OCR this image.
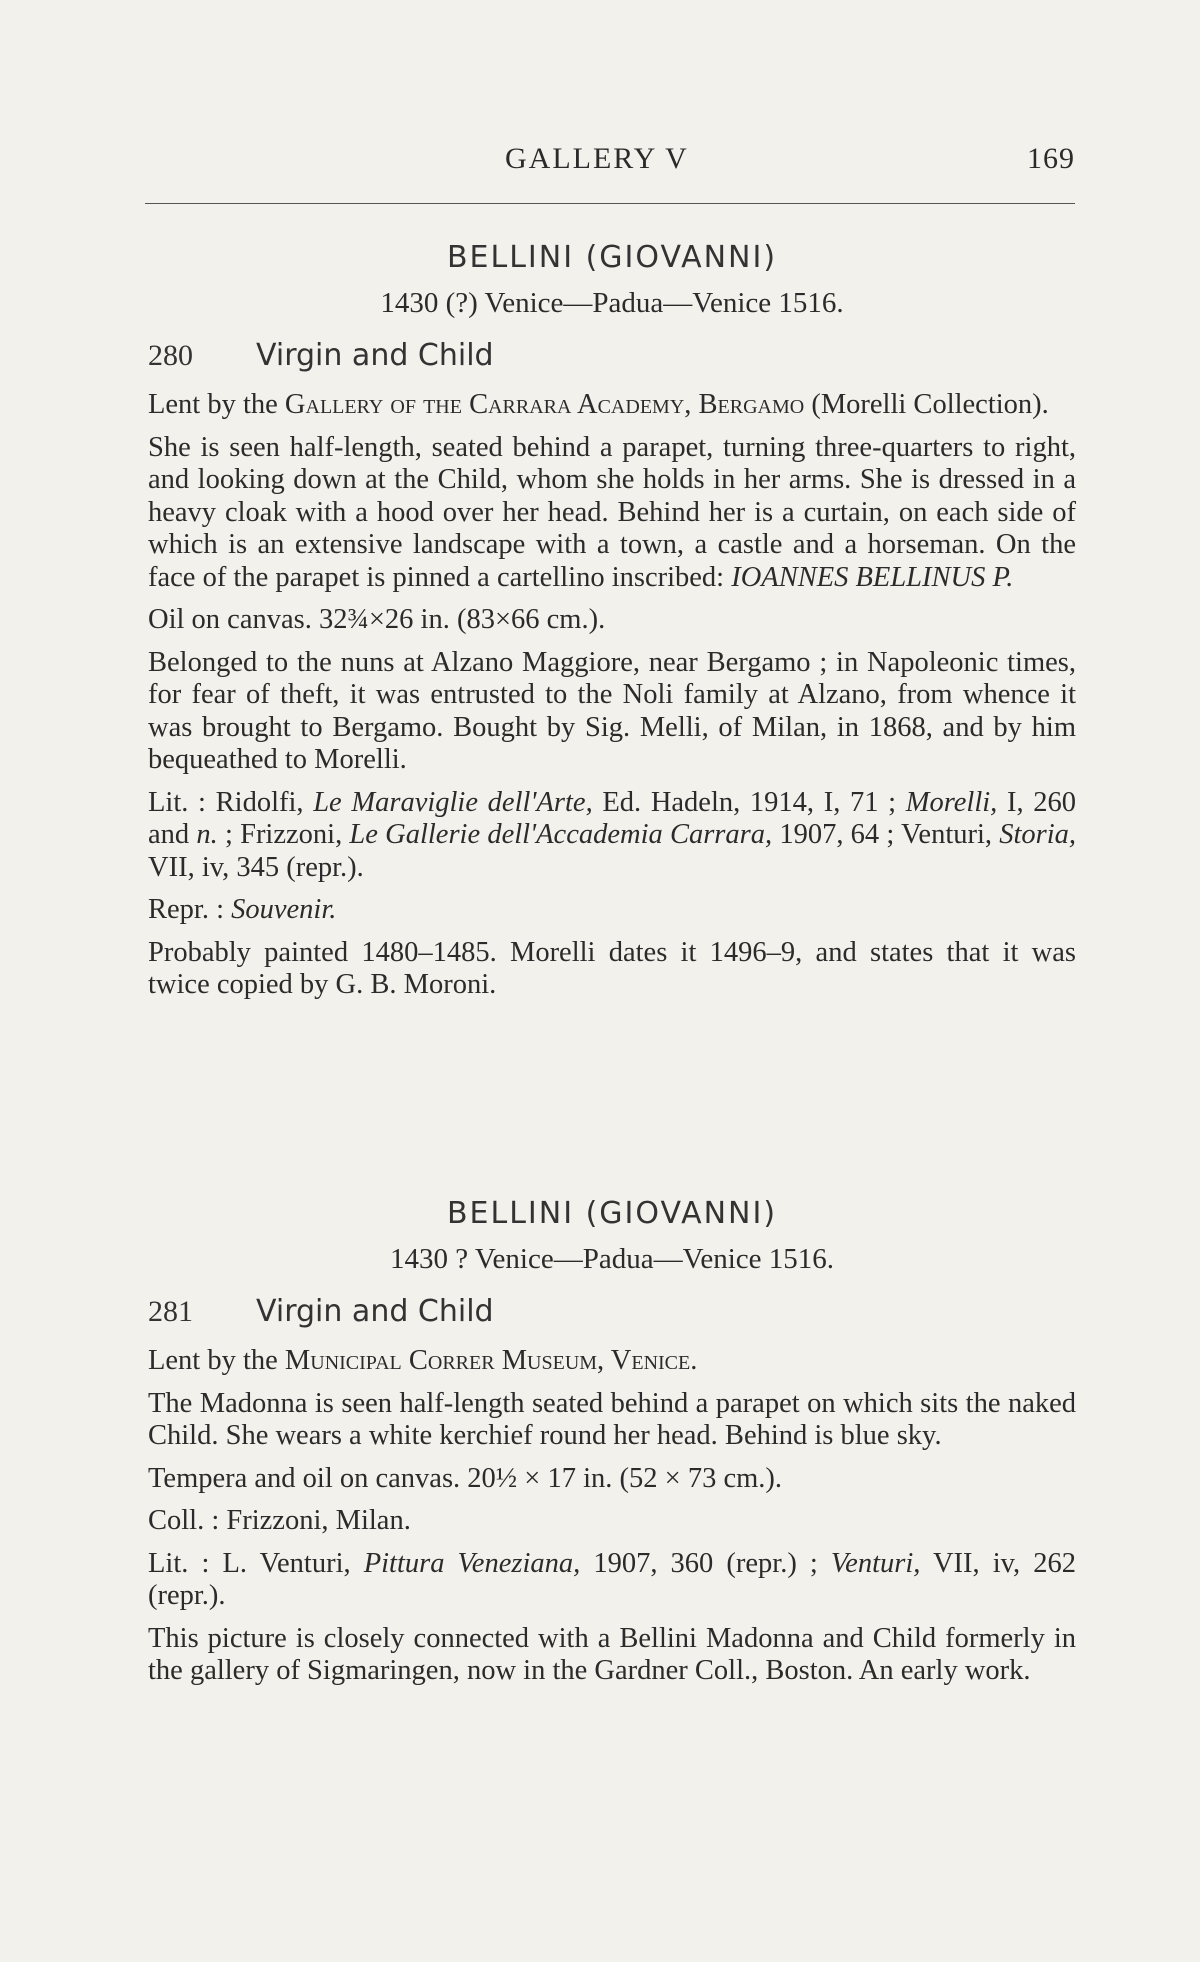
GALLERY V	169
BELLINI (GIOVANNI)
1430 (?) Venice—Padua—Venice 1516.
280 Virgin and Child

Lent by the Gallery of the Carrara Academy, Bergamo (Morelli Collection).

She is seen half-length, seated behind a parapet, turning three-quarters to right, and looking down at the Child, whom she holds in her arms. She is dressed in a heavy cloak with a hood over her head. Behind her is a curtain, on each side of which is an extensive landscape with a town, a castle and a horseman. On the face of the parapet is pinned a cartellino inscribed: IOANNES BELLINUS P.

Oil on canvas. 32¾×26 in. (83×66 cm.).

Belonged to the nuns at Alzano Maggiore, near Bergamo ; in Napoleonic times, for fear of theft, it was entrusted to the Noli family at Alzano, from whence it was brought to Bergamo. Bought by Sig. Melli, of Milan, in 1868, and by him bequeathed to Morelli.

Lit. : Ridolfi, Le Maraviglie dell'Arte, Ed. Hadeln, 1914, I, 71 ; Morelli, I, 260 and n. ; Frizzoni, Le Gallerie dell'Accademia Carrara, 1907, 64 ; Venturi, Storia, VII, iv, 345 (repr.).

Repr. : Souvenir.

Probably painted 1480–1485. Morelli dates it 1496–9, and states that it was twice copied by G. B. Moroni.

BELLINI (GIOVANNI)
1430 ? Venice—Padua—Venice 1516.
281 Virgin and Child

Lent by the Municipal Correr Museum, Venice.

The Madonna is seen half-length seated behind a parapet on which sits the naked Child. She wears a white kerchief round her head. Behind is blue sky.

Tempera and oil on canvas. 20½ × 17 in. (52 × 73 cm.).

Coll. : Frizzoni, Milan.

Lit. : L. Venturi, Pittura Veneziana, 1907, 360 (repr.) ; Venturi, VII, iv, 262 (repr.).

This picture is closely connected with a Bellini Madonna and Child formerly in the gallery of Sigmaringen, now in the Gardner Coll., Boston. An early work.
